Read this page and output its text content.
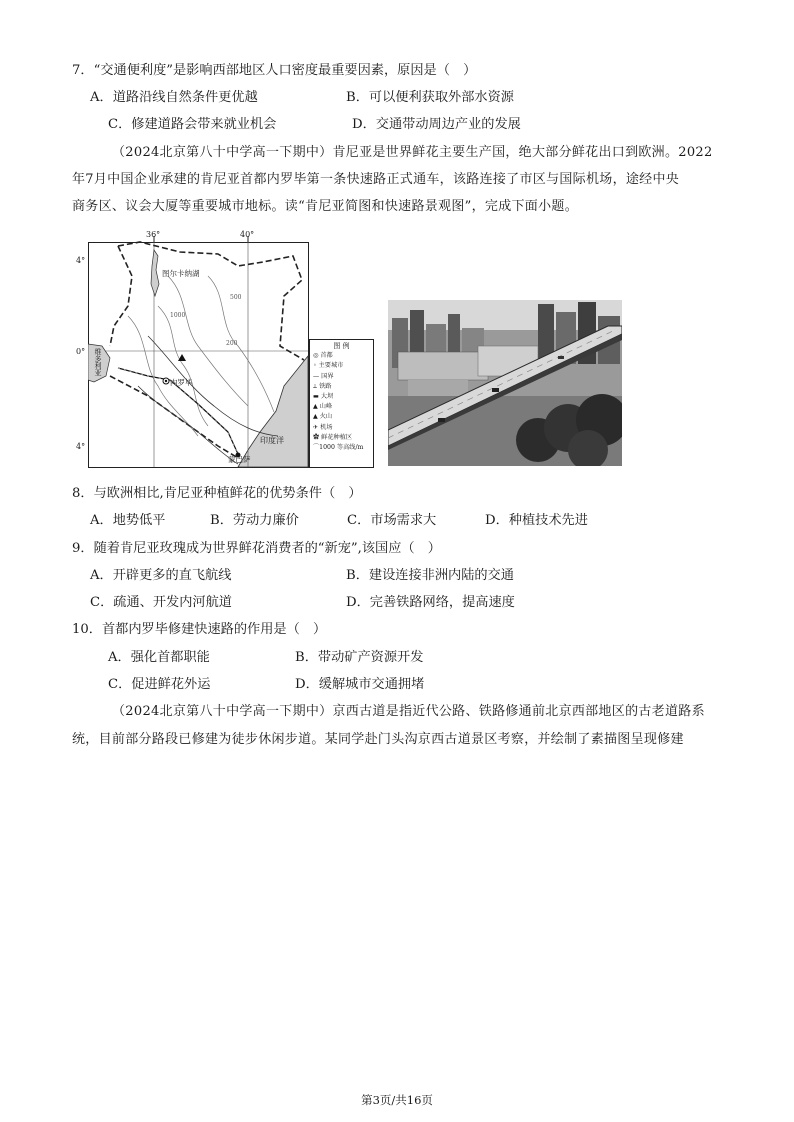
7．“交通便利度”是影响西部地区人口密度最重要因素，原因是（　）
A．道路沿线自然条件更优越	B．可以便利获取外部水资源
C．修建道路会带来就业机会	D．交通带动周边产业的发展
（2024北京第八十中学高一下期中）肯尼亚是世界鲜花主要生产国，绝大部分鲜花出口到欧洲。2022
年7月中国企业承建的肯尼亚首都内罗毕第一条快速路正式通车，该路连接了市区与国际机场，途经中央
商务区、议会大厦等重要城市地标。读“肯尼亚简图和快速路景观图”，完成下面小题。
36°	40°
4°
0°
4°
图尔卡纳湖
内罗毕
蒙巴萨
印度洋
维多利亚
1000
500
200	图 例
◎ 首都
◦ 主要城市
— 国界
⟂ 铁路
▬ 大坝
▲ 山峰
▲ 火山
✈ 机场
✿ 鲜花种植区
⌒1000 等高线/m
8．与欧洲相比,肯尼亚种植鲜花的优势条件（　）
A．地势低平	B．劳动力廉价	C．市场需求大	D．种植技术先进
9．随着肯尼亚玫瑰成为世界鲜花消费者的“新宠”,该国应（　）
A．开辟更多的直飞航线	B．建设连接非洲内陆的交通
C．疏通、开发内河航道	D．完善铁路网络，提高速度
10．首都内罗毕修建快速路的作用是（　）
A．强化首都职能	B．带动矿产资源开发
C．促进鲜花外运	D．缓解城市交通拥堵
（2024北京第八十中学高一下期中）京西古道是指近代公路、铁路修通前北京西部地区的古老道路系
统，目前部分路段已修建为徒步休闲步道。某同学赴门头沟京西古道景区考察，并绘制了素描图呈现修建
第3页/共16页
